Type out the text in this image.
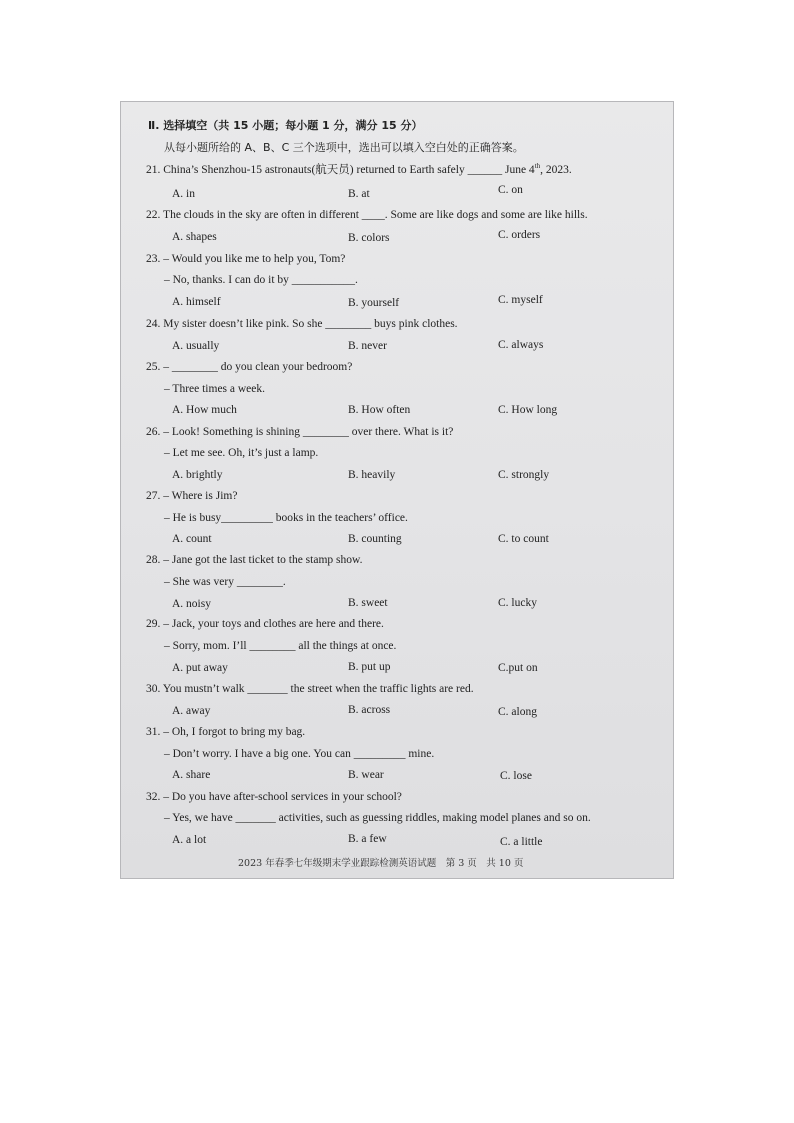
Ⅱ. 选择填空（共 15 小题；每小题 1 分，满分 15 分）
从每小题所给的 A、B、C 三个选项中，选出可以填入空白处的正确答案。
21. China’s Shenzhou-15 astronauts(航天员) returned to Earth safely ______ June 4th, 2023.
A. in	B. at	C. on
22. The clouds in the sky are often in different ____. Some are like dogs and some are like hills.
A. shapes	B. colors	C. orders
23. – Would you like me to help you, Tom?
– No, thanks. I can do it by ___________.
A. himself	B. yourself	C. myself
24. My sister doesn’t like pink. So she ________ buys pink clothes.
A. usually	B. never	C. always
25. – ________ do you clean your bedroom?
– Three times a week.
A. How much	B. How often	C. How long
26. – Look! Something is shining ________ over there. What is it?
– Let me see. Oh, it’s just a lamp.
A. brightly	B. heavily	C. strongly
27. – Where is Jim?
– He is busy_________ books in the teachers’ office.
A. count	B. counting	C. to count
28. – Jane got the last ticket to the stamp show.
– She was very ________.
A. noisy	B. sweet	C. lucky
29. – Jack, your toys and clothes are here and there.
– Sorry, mom. I’ll ________ all the things at once.
A. put away	B. put up	C.put on
30. You mustn’t walk _______ the street when the traffic lights are red.
A. away	B. across	C. along
31. – Oh, I forgot to bring my bag.
– Don’t worry. I have a big one. You can _________ mine.
A. share	B. wear	C. lose
32. – Do you have after-school services in your school?
– Yes, we have _______ activities, such as guessing riddles, making model planes and so on.
A. a lot	B. a few	C. a little
2023 年春季七年级期末学业跟踪检测英语试题　第 3 页　共 10 页
